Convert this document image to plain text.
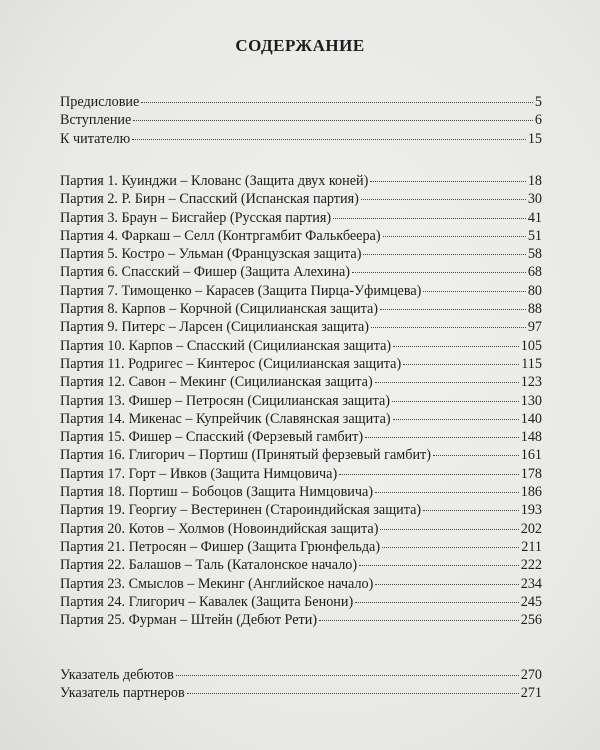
СОДЕРЖАНИЕ
Предисловие	5
Вступление	6
К читателю	15
Партия 1. Куинджи – Клованс (Защита двух коней)	18
Партия 2. Р. Бирн – Спасский (Испанская партия)	30
Партия 3. Браун – Бисгайер (Русская партия)	41
Партия 4. Фаркаш – Селл (Контргамбит Фалькбеера)	51
Партия 5. Костро – Ульман (Французская защита)	58
Партия 6. Спасский – Фишер (Защита Алехина)	68
Партия 7. Тимощенко – Карасев (Защита Пирца-Уфимцева)	80
Партия 8. Карпов – Корчной (Сицилианская защита)	88
Партия 9. Питерс – Ларсен (Сицилианская защита)	97
Партия 10. Карпов – Спасский (Сицилианская защита)	105
Партия 11. Родригес – Кинтерос (Сицилианская защита)	115
Партия 12. Савон – Мекинг (Сицилианская защита)	123
Партия 13. Фишер – Петросян (Сицилианская защита)	130
Партия 14. Микенас – Купрейчик (Славянская защита)	140
Партия 15. Фишер – Спасский (Ферзевый гамбит)	148
Партия 16. Глигорич – Портиш (Принятый ферзевый гамбит)	161
Партия 17. Горт – Ивков (Защита Нимцовича)	178
Партия 18. Портиш – Бобоцов (Защита Нимцовича)	186
Партия 19. Георгиу – Вестеринен (Староиндийская защита)	193
Партия 20. Котов – Холмов (Новоиндийская защита)	202
Партия 21. Петросян – Фишер (Защита Грюнфельда)	211
Партия 22. Балашов – Таль (Каталонское начало)	222
Партия 23. Смыслов – Мекинг (Английское начало)	234
Партия 24. Глигорич – Кавалек (Защита Бенони)	245
Партия 25. Фурман – Штейн (Дебют Рети)	256
Указатель дебютов	270
Указатель партнеров	271
